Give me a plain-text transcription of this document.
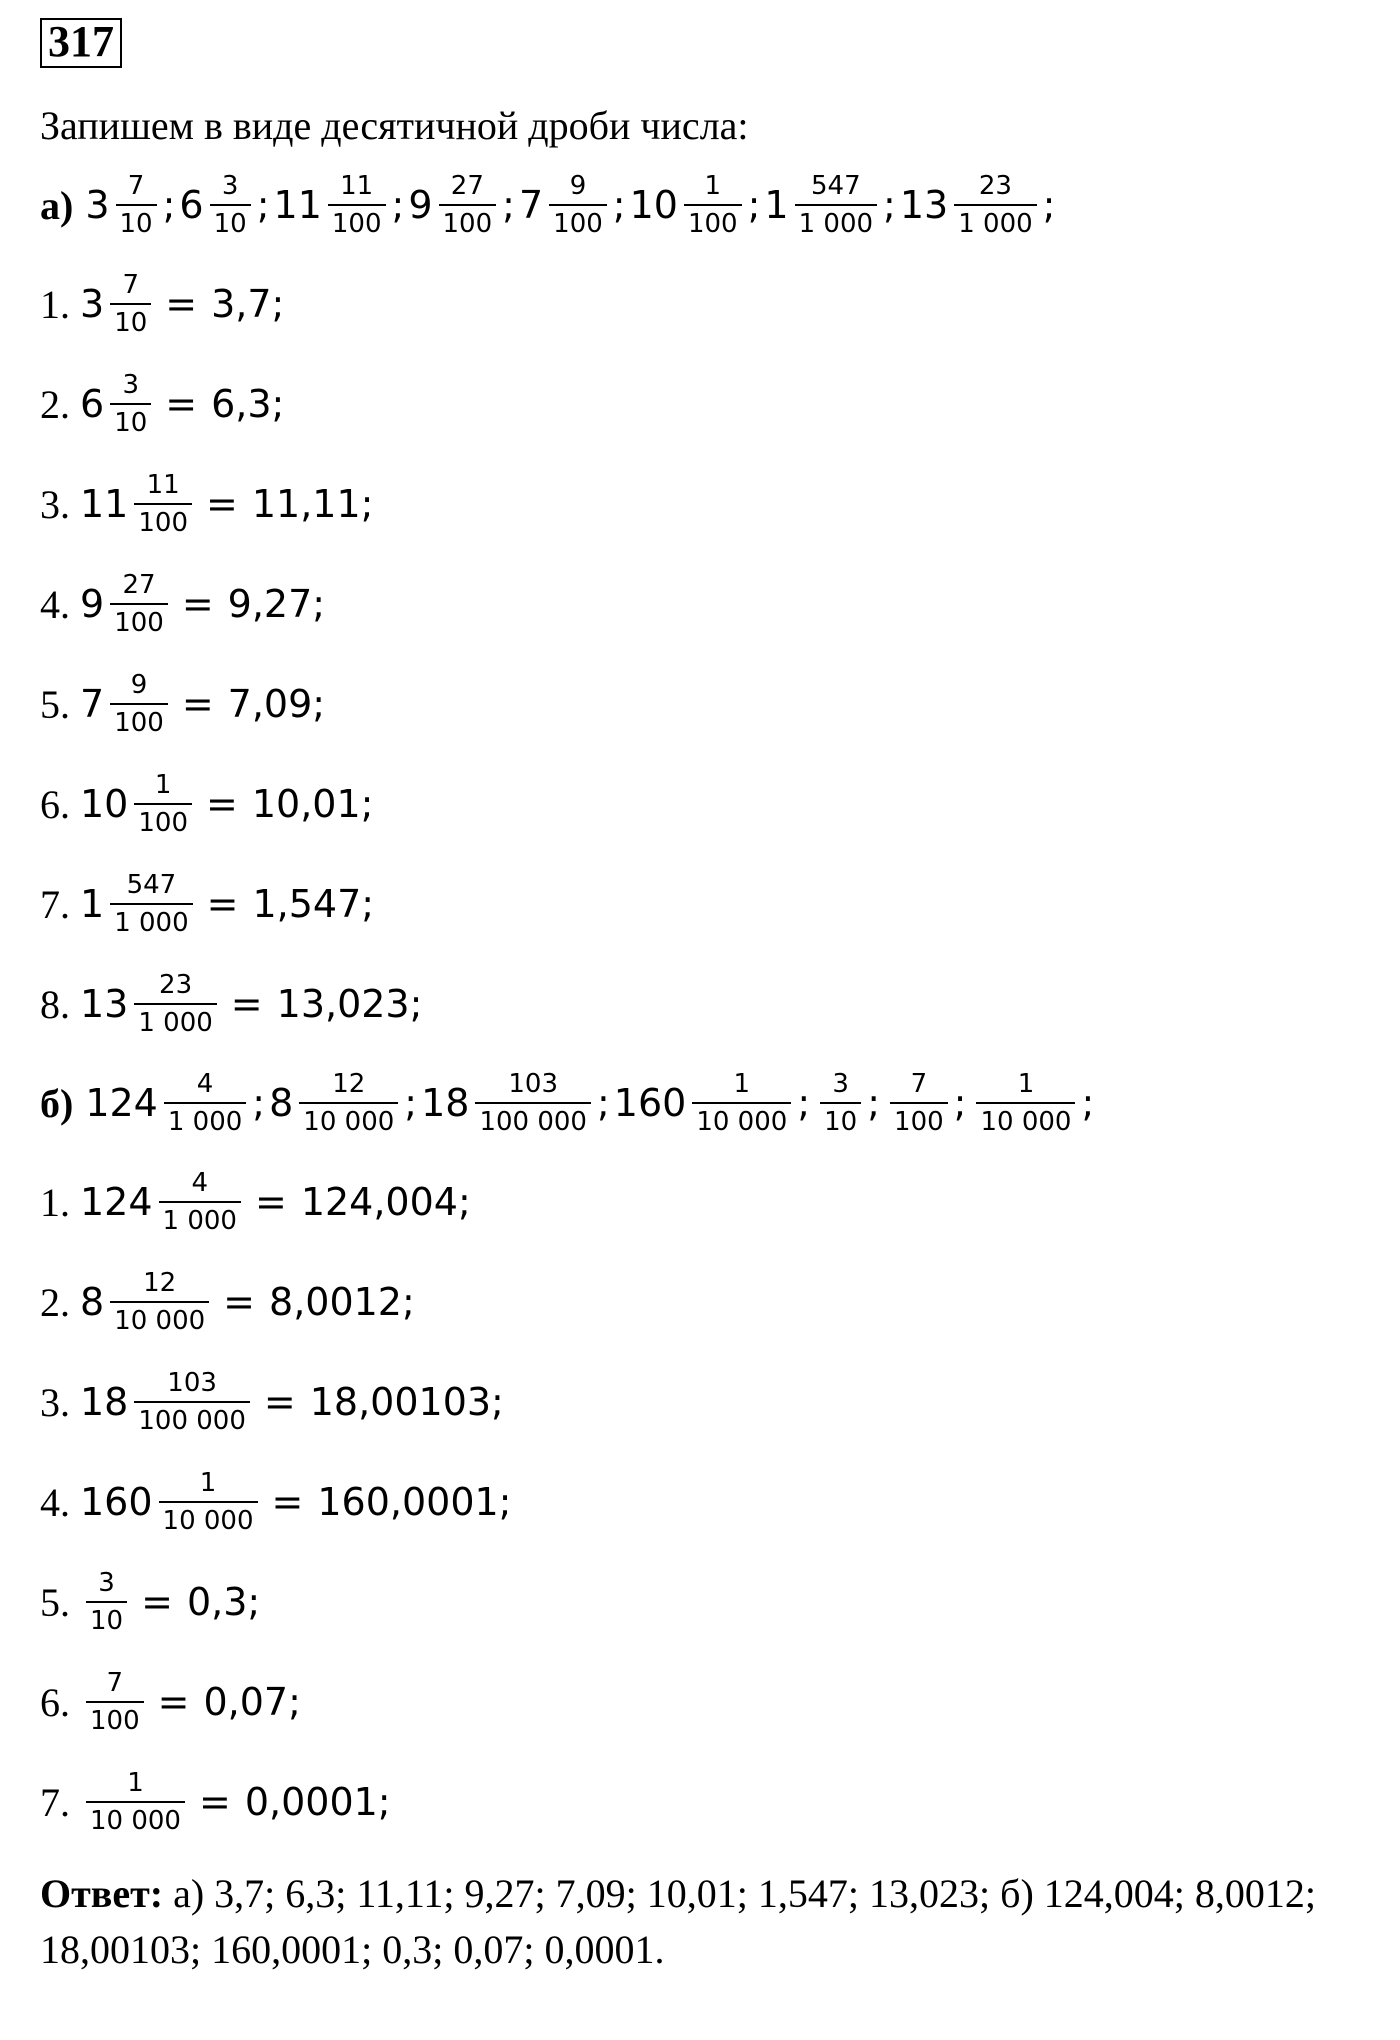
317
Запишем в виде десятичной дроби числа:
а) $3 \frac{7}{10}$ ; $6 \frac{3}{10}$ ; $11 \frac{11}{100}$ ; $9 \frac{27}{100}$ ; $7 \frac{9}{100}$ ; $10 \frac{1}{100}$ ; $1 \frac{547}{1 000}$ ; $13 \frac{23}{1 000}$ ;
1. $3 \frac{7}{10} = 3,7$;
2. $6 \frac{3}{10} = 6,3$;
3. $11 \frac{11}{100} = 11,11$;
4. $9 \frac{27}{100} = 9,27$;
5. $7 \frac{9}{100} = 7,09$;
6. $10 \frac{1}{100} = 10,01$;
7. $1 \frac{547}{1 000} = 1,547$;
8. $13 \frac{23}{1 000} = 13,023$;
б) $124 \frac{4}{1 000}$ ; $8 \frac{12}{10 000}$ ; $18 \frac{103}{100 000}$ ; $160 \frac{1}{10 000}$ ; $\frac{3}{10}$ ; $\frac{7}{100}$ ; $\frac{1}{10 000}$ ;
1. $124 \frac{4}{1 000} = 124,004$;
2. $8 \frac{12}{10 000} = 8,0012$;
3. $18 \frac{103}{100 000} = 18,00103$;
4. $160 \frac{1}{10 000} = 160,0001$;
5. $\frac{3}{10} = 0,3$;
6. $\frac{7}{100} = 0,07$;
7. $\frac{1}{10 000} = 0,0001$;
Ответ: а) 3,7; 6,3; 11,11; 9,27; 7,09; 10,01; 1,547; 13,023; б) 124,004; 8,0012; 18,00103; 160,0001; 0,3; 0,07; 0,0001.
